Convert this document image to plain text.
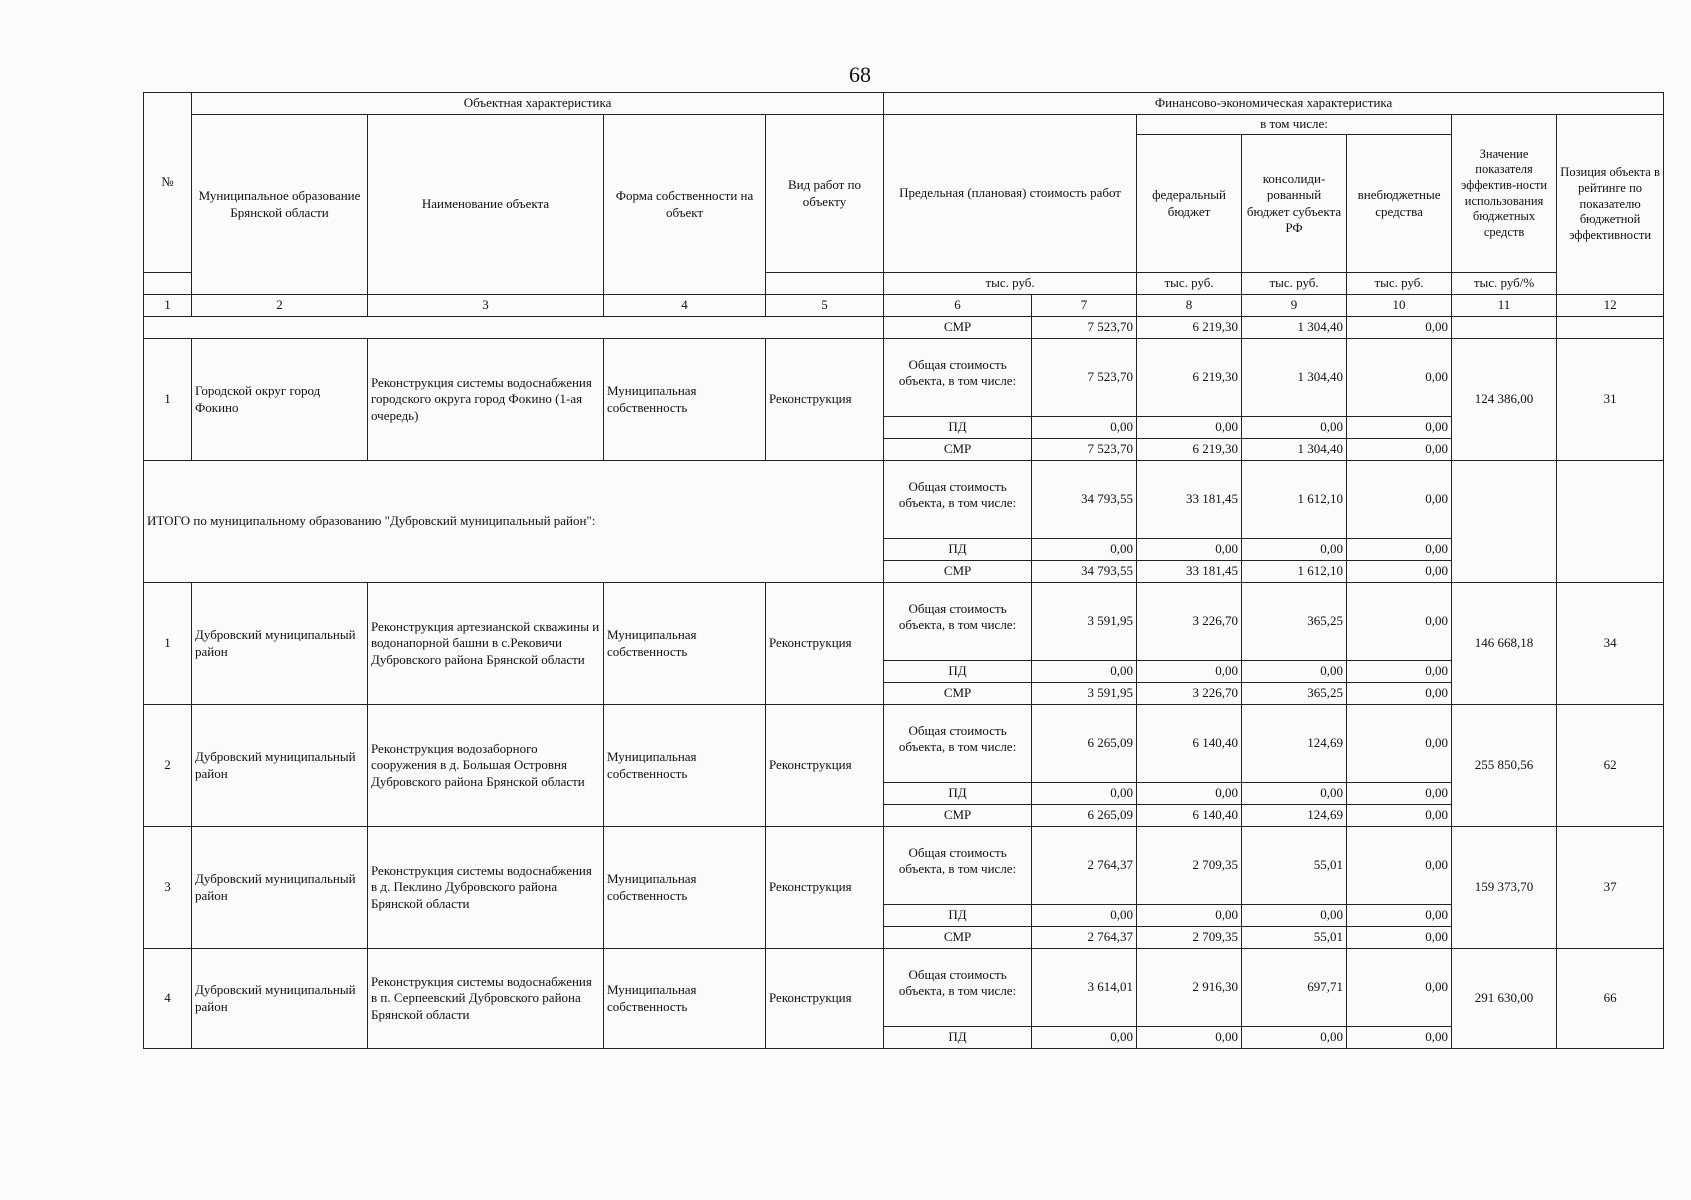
68
№	Объектная характеристика				Финансово-экономическая характеристика						
	Муниципальное образование Брянской области	Наименование объекта	Форма собственности на объект	Вид работ по объекту	Предельная (плановая) стоимость работ		в том числе:			Значение показателя эффектив-ности использования бюджетных средств	Позиция объекта в рейтинге по показателю бюджетной эффективности
							федеральный бюджет	консолиди-рованный бюджет субъекта РФ	внебюджетные средства		
					тыс. руб.		тыс. руб.	тыс. руб.	тыс. руб.	тыс. руб/%	
1	2	3	4	5	6	7	8	9	10	11	12
					СМР	7 523,70	6 219,30	1 304,40	0,00		
1	Городской округ город Фокино	Реконструкция системы водоснабжения городского округа город Фокино (1-ая очередь)	Муниципальная собственность	Реконструкция	Общая стоимость объекта, в том числе:	7 523,70	6 219,30	1 304,40	0,00	124 386,00	31
					ПД	0,00	0,00	0,00	0,00		
					СМР	7 523,70	6 219,30	1 304,40	0,00		
ИТОГО по муниципальному образованию "Дубровский муниципальный район":					Общая стоимость объекта, в том числе:	34 793,55	33 181,45	1 612,10	0,00		
					ПД	0,00	0,00	0,00	0,00		
					СМР	34 793,55	33 181,45	1 612,10	0,00		
1	Дубровский муниципальный район	Реконструкция артезианской скважины и водонапорной башни в с.Рековичи Дубровского района Брянской области	Муниципальная собственность	Реконструкция	Общая стоимость объекта, в том числе:	3 591,95	3 226,70	365,25	0,00	146 668,18	34
					ПД	0,00	0,00	0,00	0,00		
					СМР	3 591,95	3 226,70	365,25	0,00		
2	Дубровский муниципальный район	Реконструкция водозаборного сооружения в д. Большая Островня Дубровского района Брянской области	Муниципальная собственность	Реконструкция	Общая стоимость объекта, в том числе:	6 265,09	6 140,40	124,69	0,00	255 850,56	62
					ПД	0,00	0,00	0,00	0,00		
					СМР	6 265,09	6 140,40	124,69	0,00		
3	Дубровский муниципальный район	Реконструкция системы водоснабжения в д. Пеклино Дубровского района Брянской области	Муниципальная собственность	Реконструкция	Общая стоимость объекта, в том числе:	2 764,37	2 709,35	55,01	0,00	159 373,70	37
					ПД	0,00	0,00	0,00	0,00		
					СМР	2 764,37	2 709,35	55,01	0,00		
4	Дубровский муниципальный район	Реконструкция системы водоснабжения в п. Серпеевский Дубровского района Брянской области	Муниципальная собственность	Реконструкция	Общая стоимость объекта, в том числе:	3 614,01	2 916,30	697,71	0,00	291 630,00	66
					ПД	0,00	0,00	0,00	0,00		
